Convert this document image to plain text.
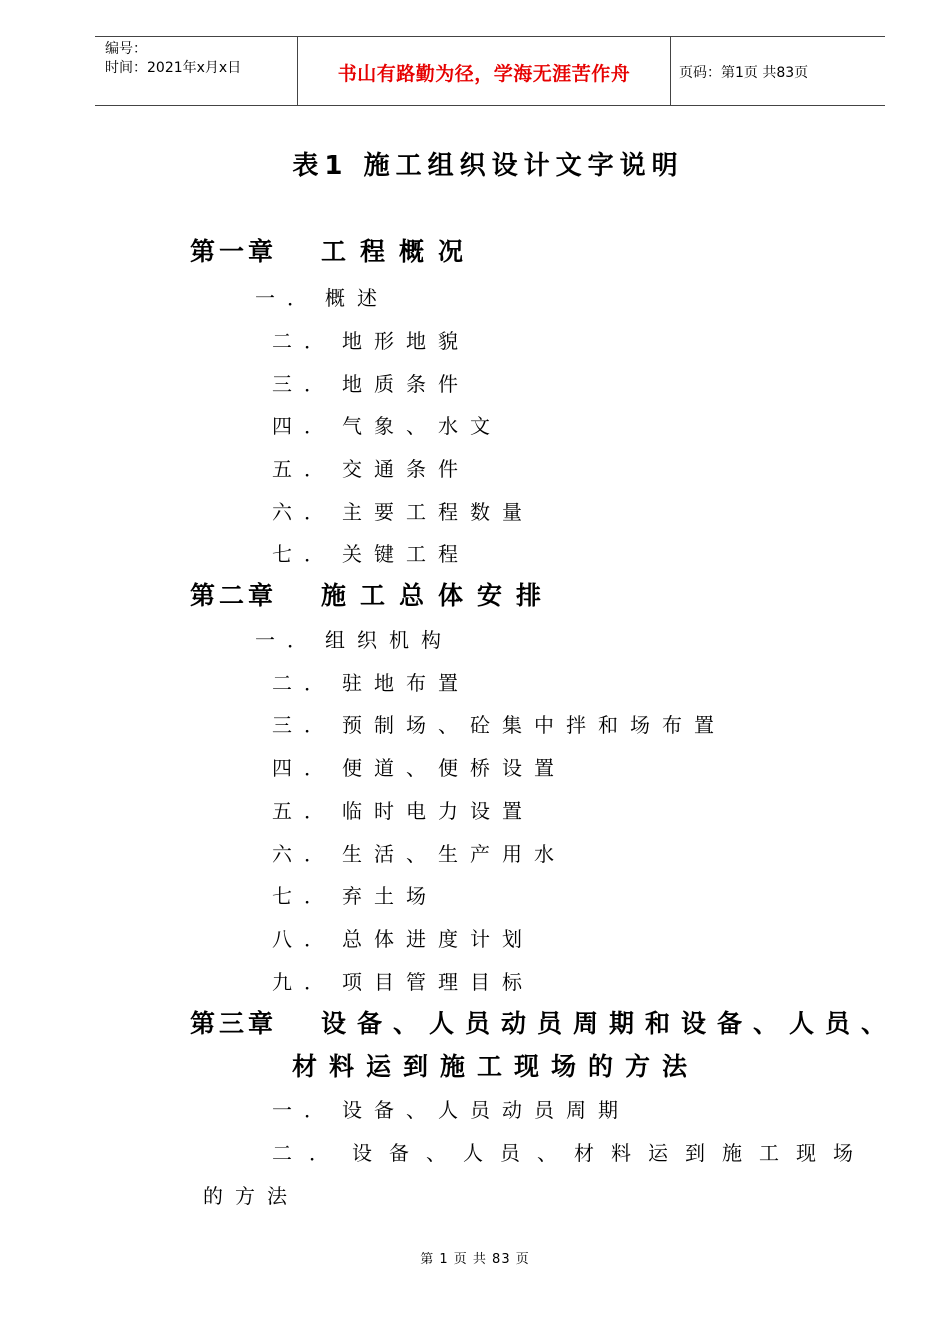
编号：
时间：2021年x月x日	书山有路勤为径，学海无涯苦作舟	页码：第1页 共83页
表1 施工组织设计文字说明
第一章 工程概况
一． 概述
二． 地形地貌
三． 地质条件
四． 气象、水文
五． 交通条件
六． 主要工程数量
七． 关键工程
第二章 施工总体安排
一． 组织机构
二． 驻地布置
三． 预制场、砼集中拌和场布置
四． 便道、便桥设置
五． 临时电力设置
六． 生活、生产用水
七． 弃土场
八． 总体进度计划
九． 项目管理目标
第三章 设备、人员动员周期和设备、人员、
材料运到施工现场的方法
一． 设备、人员动员周期
二． 设备、人员、材料运到施工现场
的方法
第 1 页 共 83 页
